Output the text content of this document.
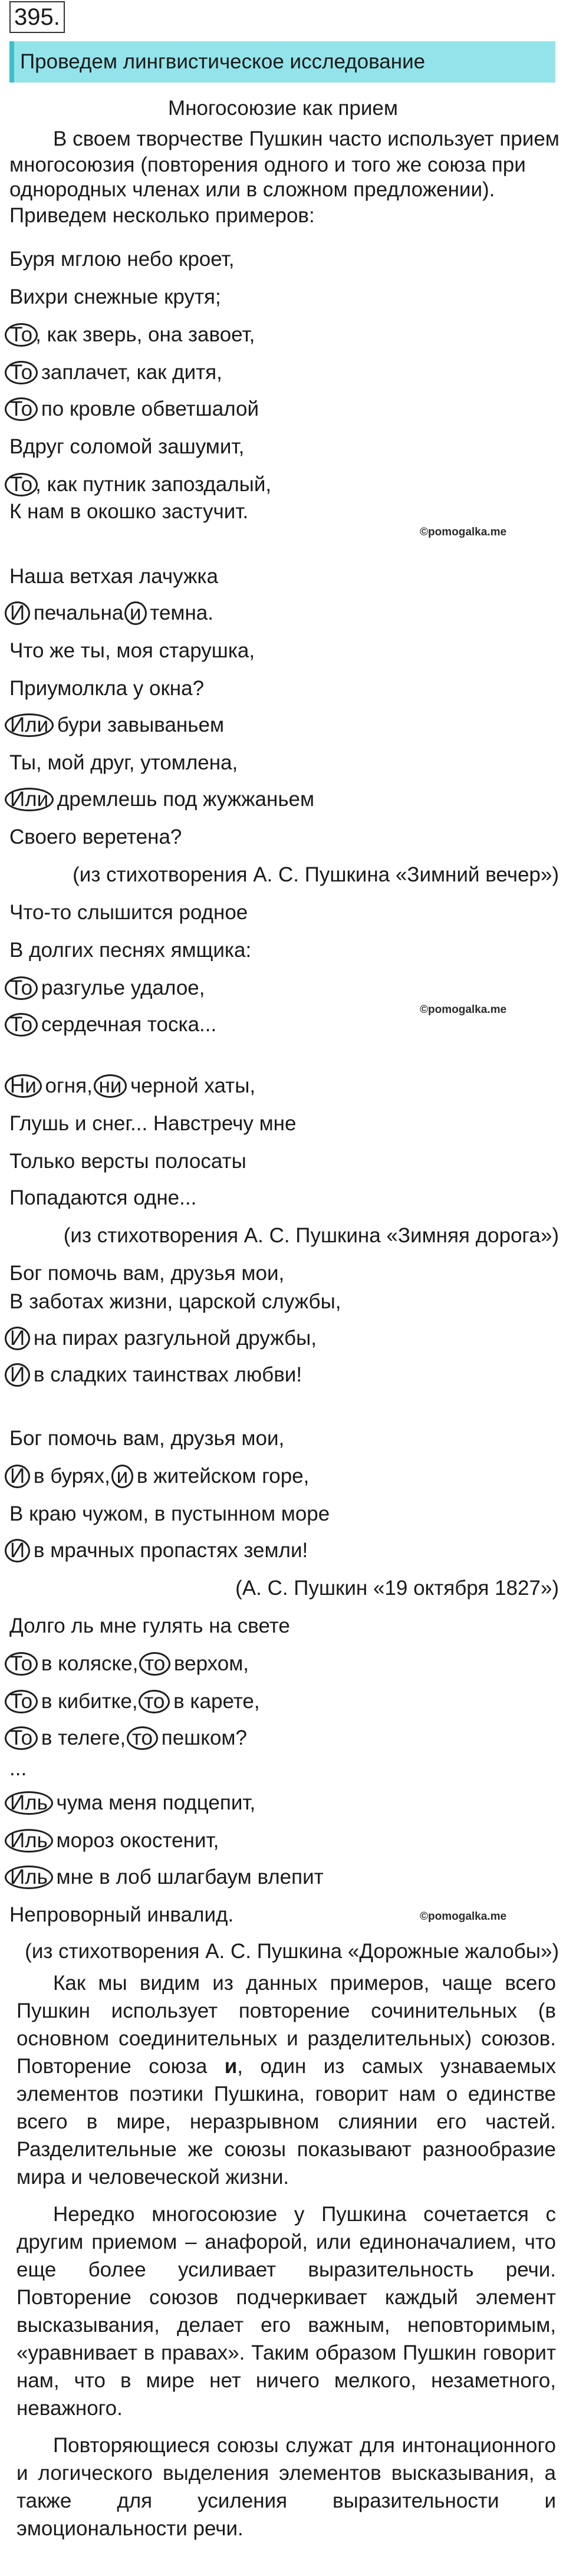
395.
Проведем лингвистическое исследование
Многосоюзие как прием
В своем творчестве Пушкин часто использует прием
многосоюзия (повторения одного и того же союза при
однородных членах или в сложном предложении).
Приведем несколько примеров:
Буря мглою небо кроет,
Вихри снежные крутя;
То , как зверь, она завоет,
То заплачет, как дитя,
То по кровле обветшалой
Вдруг соломой зашумит,
То , как путник запоздалый,
К нам в окошко застучит.
©pomogalka.me
Наша ветхая лачужка
И печальна и темна.
Что же ты, моя старушка,
Приумолкла у окна?
Или бури завываньем
Ты, мой друг, утомлена,
Или дремлешь под жужжаньем
Своего веретена?
(из стихотворения А. С. Пушкина «Зимний вечер»)
Что-то слышится родное
В долгих песнях ямщика:
То разгулье удалое,
©pomogalka.me
То сердечная тоска...
Ни огня, ни черной хаты,
Глушь и снег... Навстречу мне
Только версты полосаты
Попадаются одне...
(из стихотворения А. С. Пушкина «Зимняя дорога»)
Бог помочь вам, друзья мои,
В заботах жизни, царской службы,
И на пирах разгульной дружбы,
И в сладких таинствах любви!
Бог помочь вам, друзья мои,
И в бурях, и в житейском горе,
В краю чужом, в пустынном море
И в мрачных пропастях земли!
(А. С. Пушкин «19 октября 1827»)
Долго ль мне гулять на свете
То в коляске, то верхом,
То в кибитке, то в карете,
То в телеге, то пешком?
...
Иль чума меня подцепит,
Иль мороз окостенит,
Иль мне в лоб шлагбаум влепит
Непроворный инвалид.	©pomogalka.me
(из стихотворения А. С. Пушкина «Дорожные жалобы»)
Как мы видим из данных примеров, чаще всего Пушкин использует повторение сочинительных (в основном соединительных и разделительных) союзов. Повторение союза и, один из самых узнаваемых элементов поэтики Пушкина, говорит нам о единстве всего в мире, неразрывном слиянии его частей. Разделительные же союзы показывают разнообразие мира и человеческой жизни.
Нередко многосоюзие у Пушкина сочетается с другим приемом – анафорой, или единоначалием, что еще более усиливает выразительность речи. Повторение союзов подчеркивает каждый элемент высказывания, делает его важным, неповторимым, «уравнивает в правах». Таким образом Пушкин говорит нам, что в мире нет ничего мелкого, незаметного, неважного.
Повторяющиеся союзы служат для интонационного и логического выделения элементов высказывания, а также для усиления выразительности и эмоциональности речи.
